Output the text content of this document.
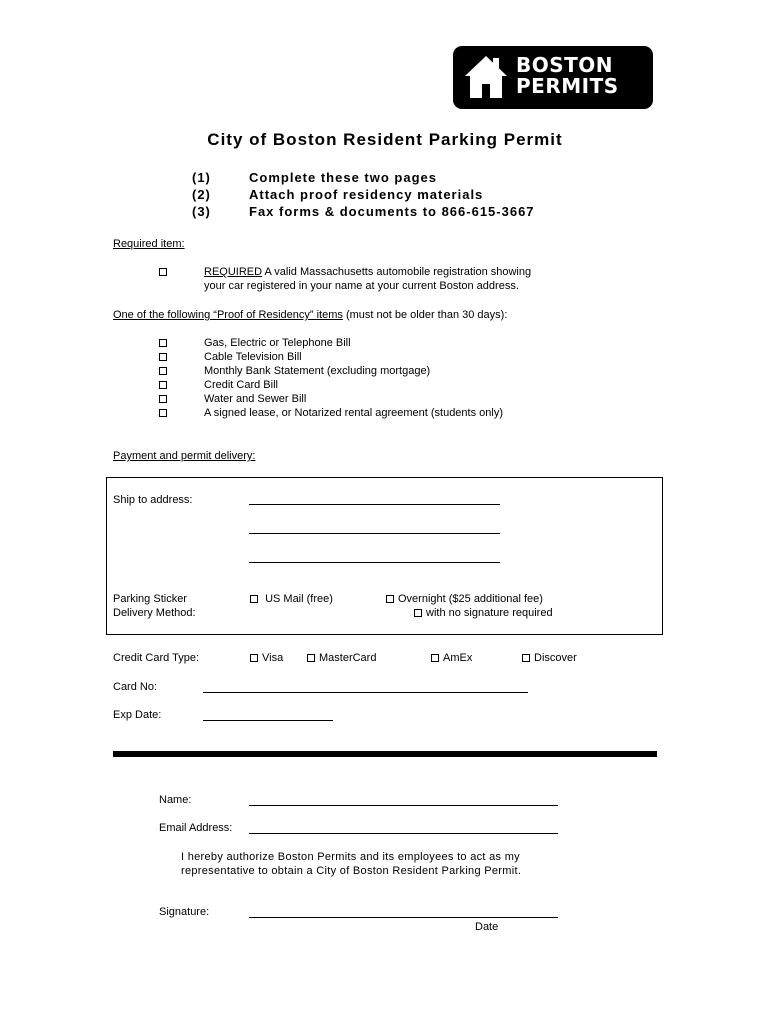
BOSTON
PERMITS
City of Boston Resident Parking Permit
(1)	Complete these two pages
(2)	Attach proof residency materials
(3)	Fax forms & documents to 866-615-3667
Required item:
REQUIRED A valid Massachusetts automobile registration showing
your car registered in your name at your current Boston address.
One of the following “Proof of Residency” items (must not be older than 30 days):
Gas, Electric or Telephone Bill
Cable Television Bill
Monthly Bank Statement (excluding mortgage)
Credit Card Bill
Water and Sewer Bill
A signed lease, or Notarized rental agreement (students only)
Payment and permit delivery:
Ship to address:
Parking Sticker
Delivery Method:
US Mail (free)	Overnight ($25 additional fee)
with no signature required
Credit Card Type:	Visa	MasterCard	AmEx	Discover
Card No:
Exp Date:
Name:
Email Address:
I hereby authorize Boston Permits and its employees to act as my
representative to obtain a City of Boston Resident Parking Permit.
Signature:
Date
